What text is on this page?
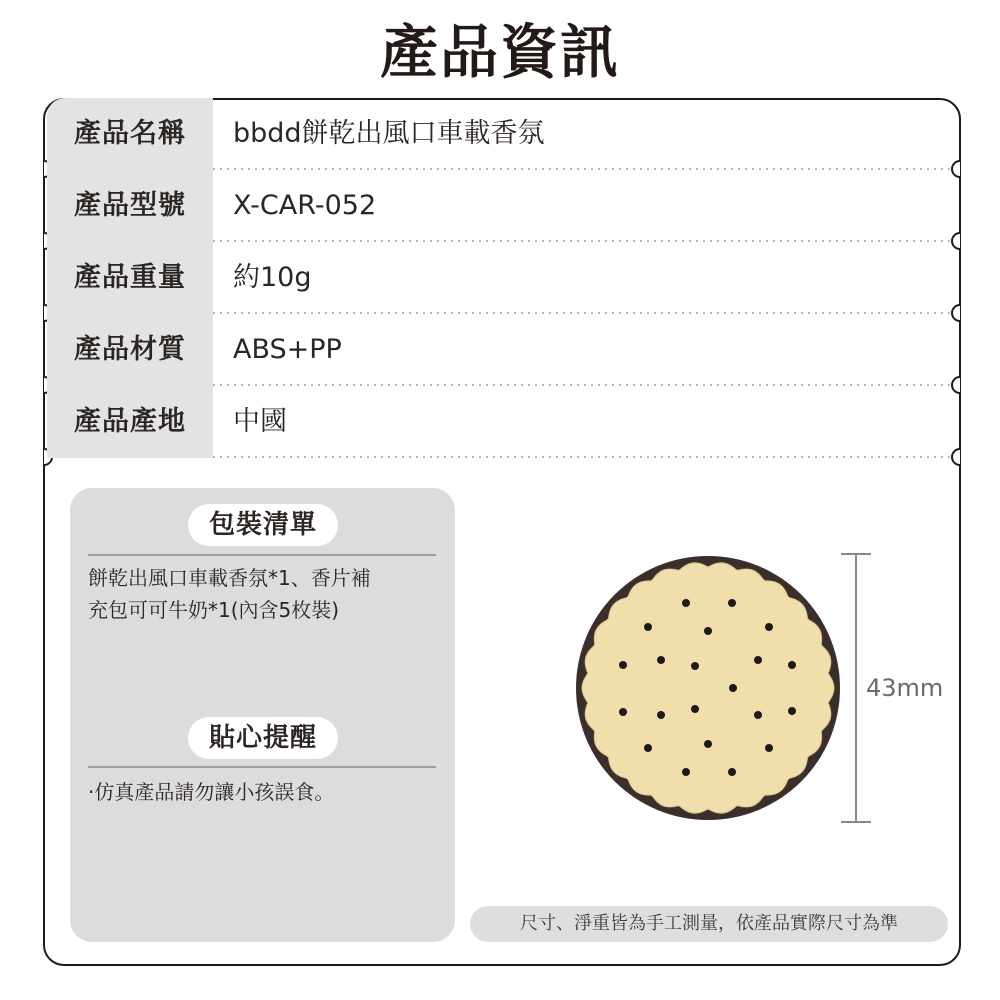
產品資訊
產品名稱	bbdd餅乾出風口車載香氛
產品型號	X-CAR-052
產品重量	約10g
產品材質	ABS+PP
產品產地	中國
包裝清單
餅乾出風口車載香氛*1、香片補
充包可可牛奶*1(內含5枚裝)
貼心提醒
·仿真產品請勿讓小孩誤食。
43mm
尺寸、淨重皆為手工測量，依產品實際尺寸為準
